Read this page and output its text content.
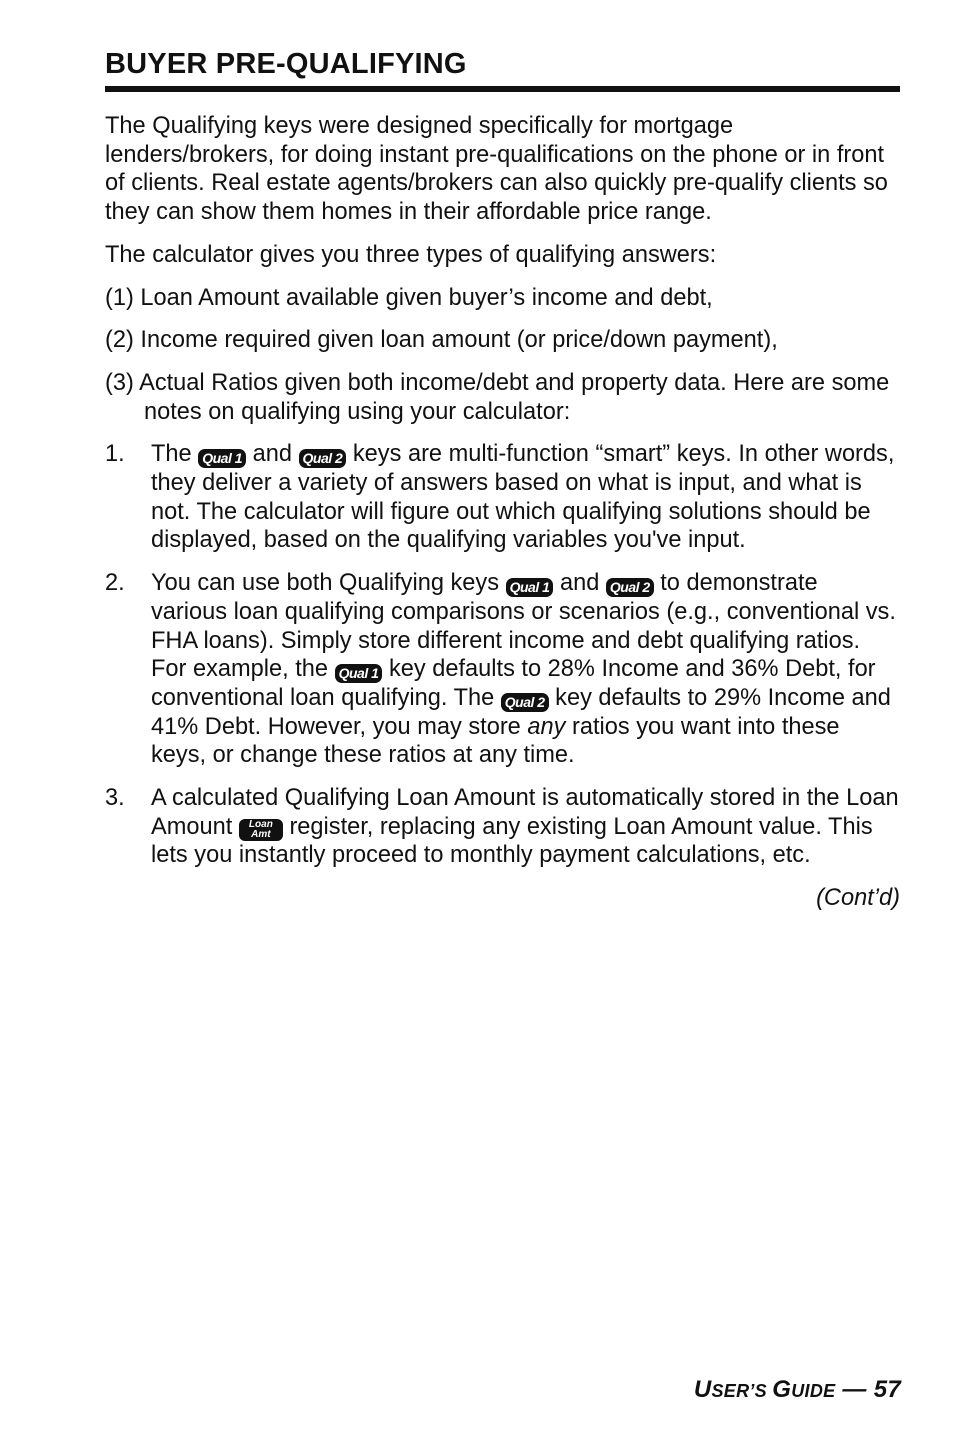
BUYER PRE-QUALIFYING

The Qualifying keys were designed specifically for mortgage lenders/brokers, for doing instant pre-qualifications on the phone or in front of clients. Real estate agents/brokers can also quickly pre-qualify clients so they can show them homes in their affordable price range.

The calculator gives you three types of qualifying answers:

(1) Loan Amount available given buyer’s income and debt,

(2) Income required given loan amount (or price/down payment),

(3) Actual Ratios given both income/debt and property data. Here are some notes on qualifying using your calculator:

1. The Qual 1 and Qual 2 keys are multi-function “smart” keys. In other words, they deliver a variety of answers based on what is input, and what is not. The calculator will figure out which qualifying solutions should be displayed, based on the qualifying variables you've input.

2. You can use both Qualifying keys Qual 1 and Qual 2 to demonstrate various loan qualifying comparisons or scenarios (e.g., conventional vs. FHA loans). Simply store different income and debt qualifying ratios. For example, the Qual 1 key defaults to 28% Income and 36% Debt, for conventional loan qualifying. The Qual 2 key defaults to 29% Income and 41% Debt. However, you may store any ratios you want into these keys, or change these ratios at any time.

3. A calculated Qualifying Loan Amount is automatically stored in the Loan Amount	Loan
Amt register, replacing any existing Loan Amount value. This lets you instantly proceed to monthly payment calculations, etc.

(Cont’d)
USER’S GUIDE — 57
